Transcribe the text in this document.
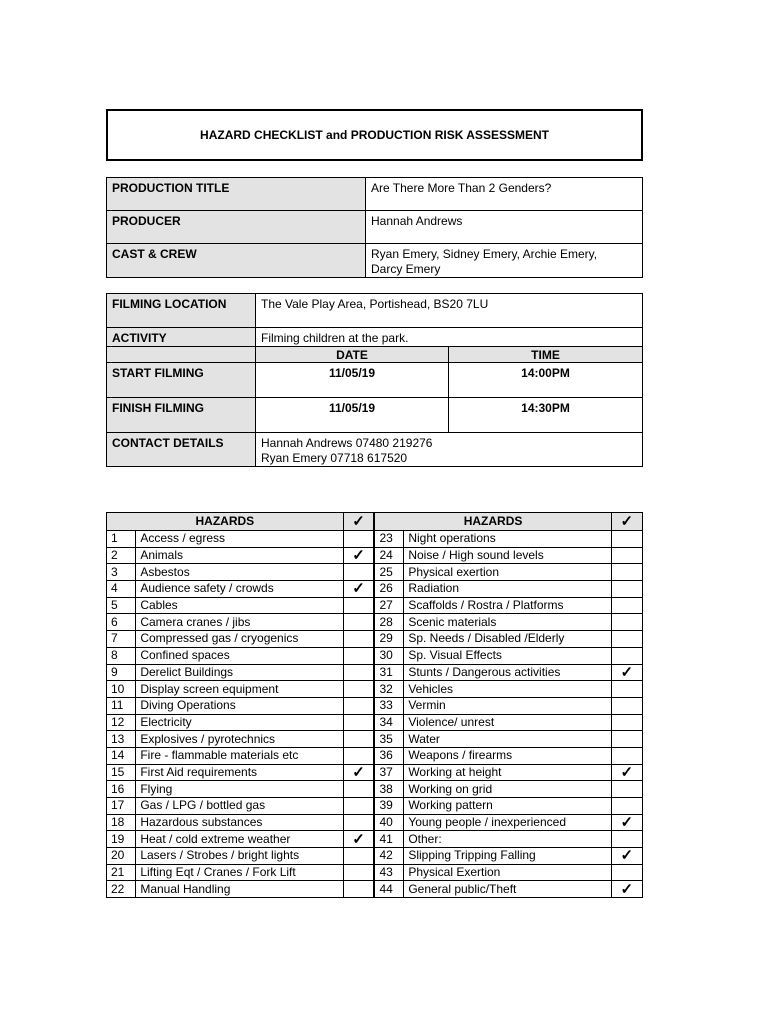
HAZARD CHECKLIST and PRODUCTION RISK ASSESSMENT
PRODUCTION TITLE	Are There More Than 2 Genders?
PRODUCER	Hannah Andrews
CAST & CREW	Ryan Emery, Sidney Emery, Archie Emery,
Darcy Emery
FILMING LOCATION	The Vale Play Area, Portishead, BS20 7LU	
ACTIVITY	Filming children at the park.	
	DATE	TIME
START FILMING	11/05/19	14:00PM
FINISH FILMING	11/05/19	14:30PM
CONTACT DETAILS	Hannah Andrews 07480 219276
Ryan Emery 07718 617520	
HAZARDS		✓	HAZARDS		✓
1	Access / egress		23	Night operations	
2	Animals	✓	24	Noise / High sound levels	
3	Asbestos		25	Physical exertion	
4	Audience safety / crowds	✓	26	Radiation	
5	Cables		27	Scaffolds / Rostra / Platforms	
6	Camera cranes / jibs		28	Scenic materials	
7	Compressed gas / cryogenics		29	Sp. Needs / Disabled /Elderly	
8	Confined spaces		30	Sp. Visual Effects	
9	Derelict Buildings		31	Stunts / Dangerous activities	✓
10	Display screen equipment		32	Vehicles	
11	Diving Operations		33	Vermin	
12	Electricity		34	Violence/ unrest	
13	Explosives / pyrotechnics		35	Water	
14	Fire - flammable materials etc		36	Weapons / firearms	
15	First Aid requirements	✓	37	Working at height	✓
16	Flying		38	Working on grid	
17	Gas / LPG / bottled gas		39	Working pattern	
18	Hazardous substances		40	Young people / inexperienced	✓
19	Heat / cold extreme weather	✓	41	Other:	
20	Lasers / Strobes / bright lights		42	Slipping Tripping Falling	✓
21	Lifting Eqt / Cranes / Fork Lift		43	Physical Exertion	
22	Manual Handling		44	General public/Theft	✓
